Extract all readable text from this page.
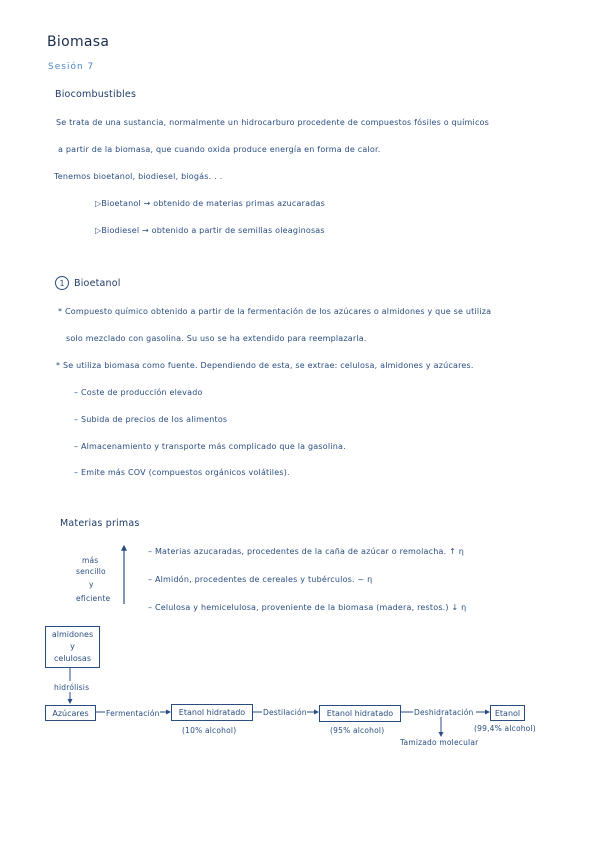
Biomasa
Sesión 7
Biocombustibles
Se trata de una sustancia, normalmente un hidrocarburo procedente de compuestos fósiles o químicos
a partir de la biomasa, que cuando oxida produce energía en forma de calor.
Tenemos bioetanol, biodiesel, biogás. . .
▷Bioetanol → obtenido de materias primas azucaradas
▷Biodiesel → obtenido a partir de semillas oleaginosas
1 Bioetanol
* Compuesto químico obtenido a partir de la fermentación de los azúcares o almidones y que se utiliza
solo mezclado con gasolina. Su uso se ha extendido para reemplazarla.
* Se utiliza biomasa como fuente. Dependiendo de esta, se extrae: celulosa, almidones y azúcares.
– Coste de producción elevado
– Subida de precios de los alimentos
– Almacenamiento y transporte más complicado que la gasolina.
– Emite más COV (compuestos orgánicos volátiles).
Materias primas
más
sencillo
y
eficiente
– Materias azucaradas, procedentes de la caña de azúcar o remolacha. ↑ η
– Almidón, procedentes de cereales y tubérculos. ~ η
– Celulosa y hemicelulosa, proveniente de la biomasa (madera, restos.) ↓ η
almidones
y
celulosas
hidrólisis
Azúcares	Fermentación	Etanol hidratado
(10% alcohol)
Destilación	Etanol hidratado
(95% alcohol)
Deshidratación	Etanol
(99,4% alcohol)
Tamizado molecular
